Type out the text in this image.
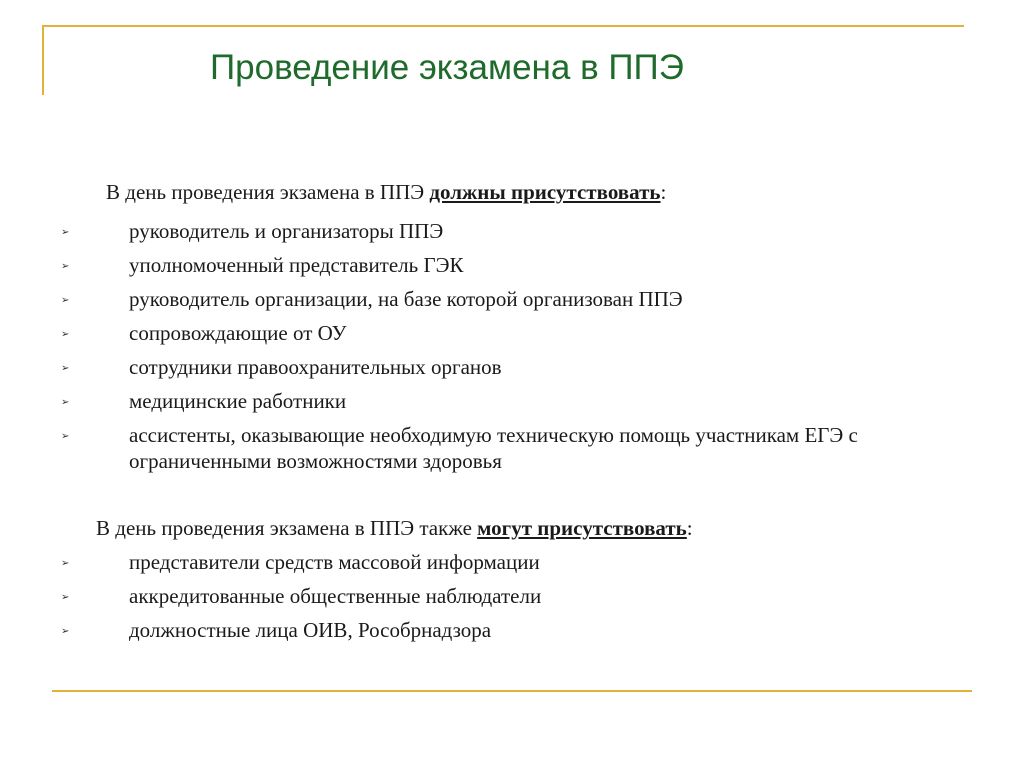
Проведение экзамена в ППЭ
В день проведения экзамена в ППЭ должны присутствовать:
➢	руководитель и организаторы ППЭ
➢	уполномоченный представитель ГЭК
➢	руководитель организации, на базе которой организован ППЭ
➢	сопровождающие от ОУ
➢	сотрудники правоохранительных органов
➢	медицинские работники
➢	ассистенты, оказывающие необходимую техническую помощь участникам ЕГЭ с ограниченными возможностями здоровья
В день проведения экзамена в ППЭ также могут присутствовать:
➢	представители средств массовой информации
➢	аккредитованные общественные наблюдатели
➢	должностные лица ОИВ, Рособрнадзора
